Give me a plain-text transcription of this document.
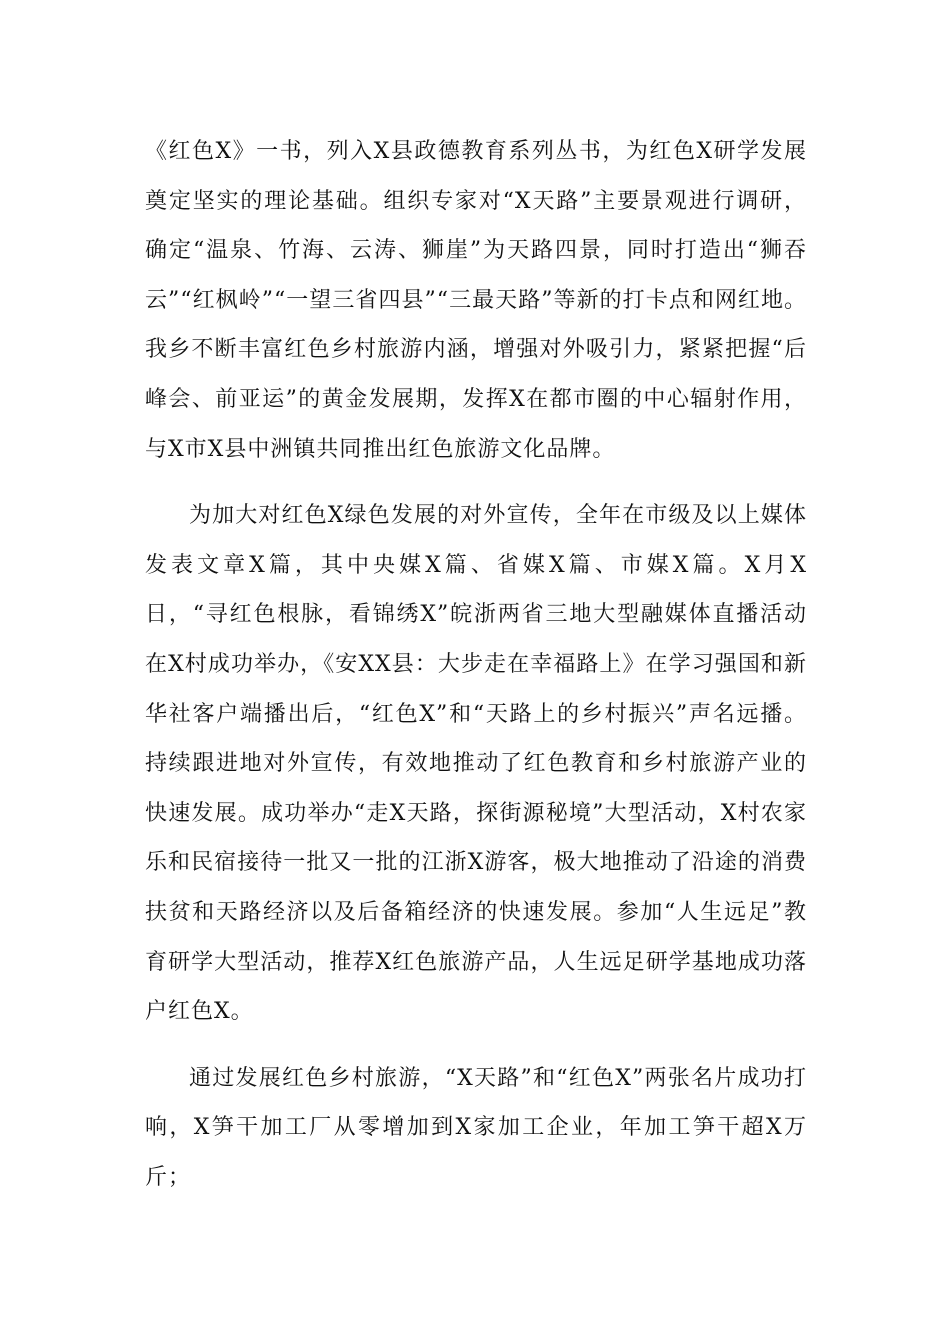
《红色X》一书，列入X县政德教育系列丛书，为红色X研学发展奠定坚实的理论基础。组织专家对“X天路”主要景观进行调研，确定“温泉、竹海、云涛、狮崖”为天路四景，同时打造出“狮吞云”“红枫岭”“一望三省四县”“三最天路”等新的打卡点和网红地。我乡不断丰富红色乡村旅游内涵，增强对外吸引力，紧紧把握“后峰会、前亚运”的黄金发展期，发挥X在都市圈的中心辐射作用，与X市X县中洲镇共同推出红色旅游文化品牌。

为加大对红色X绿色发展的对外宣传，全年在市级及以上媒体发表文章X篇，其中央媒X篇、省媒X篇、市媒X篇。X月X日，“寻红色根脉，看锦绣X”皖浙两省三地大型融媒体直播活动在X村成功举办，《安XX县：大步走在幸福路上》在学习强国和新华社客户端播出后，“红色X”和“天路上的乡村振兴”声名远播。持续跟进地对外宣传，有效地推动了红色教育和乡村旅游产业的快速发展。成功举办“走X天路，探街源秘境”大型活动，X村农家乐和民宿接待一批又一批的江浙X游客，极大地推动了沿途的消费扶贫和天路经济以及后备箱经济的快速发展。参加“人生远足”教育研学大型活动，推荐X红色旅游产品，人生远足研学基地成功落户红色X。

通过发展红色乡村旅游，“X天路”和“红色X”两张名片成功打响，X笋干加工厂从零增加到X家加工企业，年加工笋干超X万斤；
